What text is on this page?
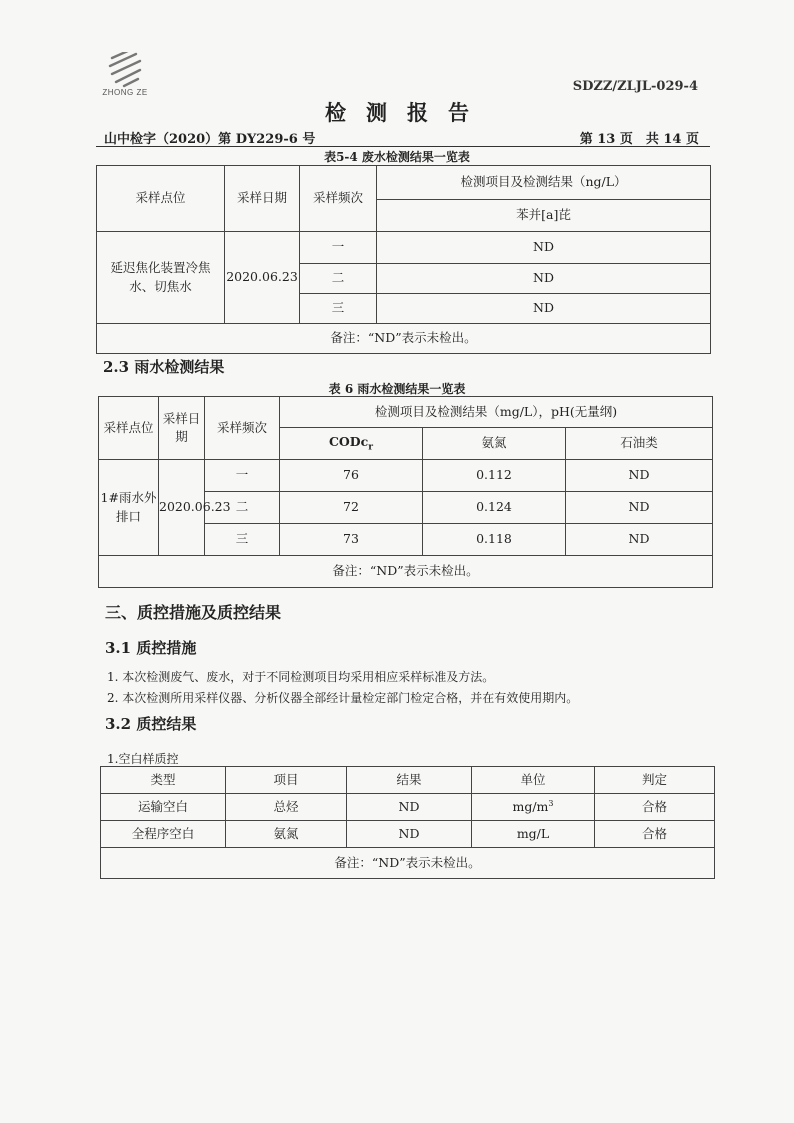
ZHONG ZE	SDZZ/ZLJL-029-4
检测报告
山中检字（2020）第 DY229-6 号	第 13 页　共 14 页
表5-4 废水检测结果一览表
采样点位	采样日期	采样频次	检测项目及检测结果（ng/L）
			苯并[a]芘
延迟焦化装置冷焦水、切焦水	2020.06.23	一	ND
		二	ND
		三	ND
备注：“ND”表示未检出。			
2.3 雨水检测结果
表 6 雨水检测结果一览表
采样点位	采样日期	采样频次	检测项目及检测结果（mg/L），pH(无量纲)		
			CODc$_r$	氨氮	石油类
1#雨水外排口	2020.06.23	一	76	0.112	ND
		二	72	0.124	ND
		三	73	0.118	ND
备注：“ND”表示未检出。					
三、质控措施及质控结果
3.1 质控措施
1. 本次检测废气、废水，对于不同检测项目均采用相应采样标准及方法。
2. 本次检测所用采样仪器、分析仪器全部经计量检定部门检定合格，并在有效使用期内。
3.2 质控结果
1.空白样质控
类型	项目	结果	单位	判定
运输空白	总烃	ND	$mg/m^3$	合格
全程序空白	氨氮	ND	mg/L	合格
备注：“ND”表示未检出。				
